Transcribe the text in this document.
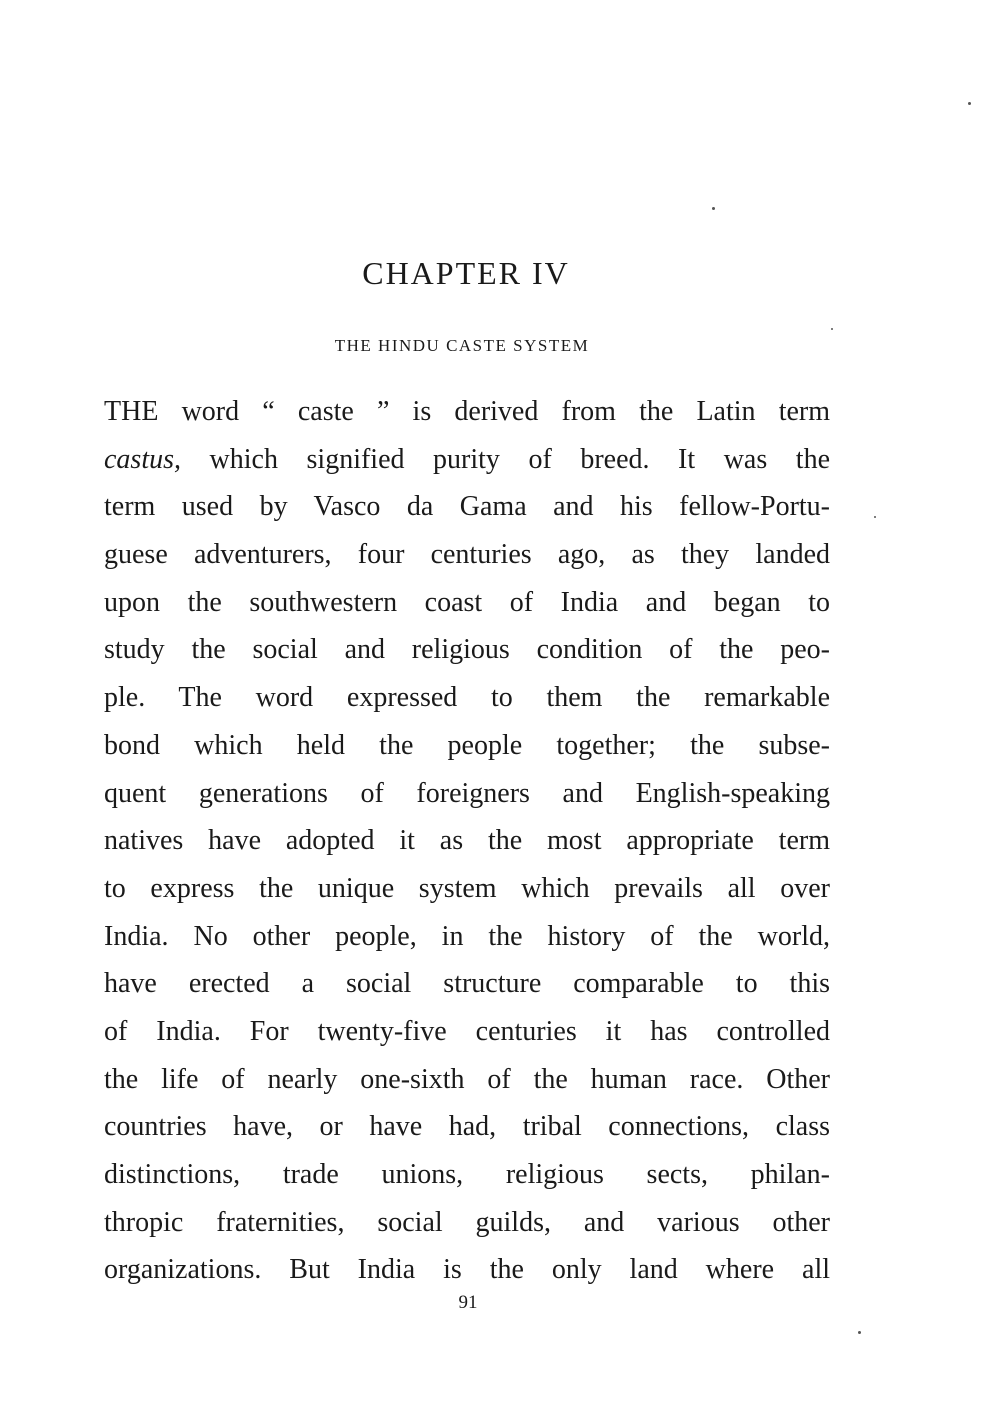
CHAPTER IV
THE HINDU CASTE SYSTEM
THE word “ caste ” is derived from the Latin term
castus, which signified purity of breed. It was the
term used by Vasco da Gama and his fellow-Portu-
guese adventurers, four centuries ago, as they landed
upon the southwestern coast of India and began to
study the social and religious condition of the peo-
ple. The word expressed to them the remarkable
bond which held the people together; the subse-
quent generations of foreigners and English-speaking
natives have adopted it as the most appropriate term
to express the unique system which prevails all over
India. No other people, in the history of the world,
have erected a social structure comparable to this
of India. For twenty-five centuries it has controlled
the life of nearly one-sixth of the human race. Other
countries have, or have had, tribal connections, class
distinctions, trade unions, religious sects, philan-
thropic fraternities, social guilds, and various other
organizations. But India is the only land where all
91
